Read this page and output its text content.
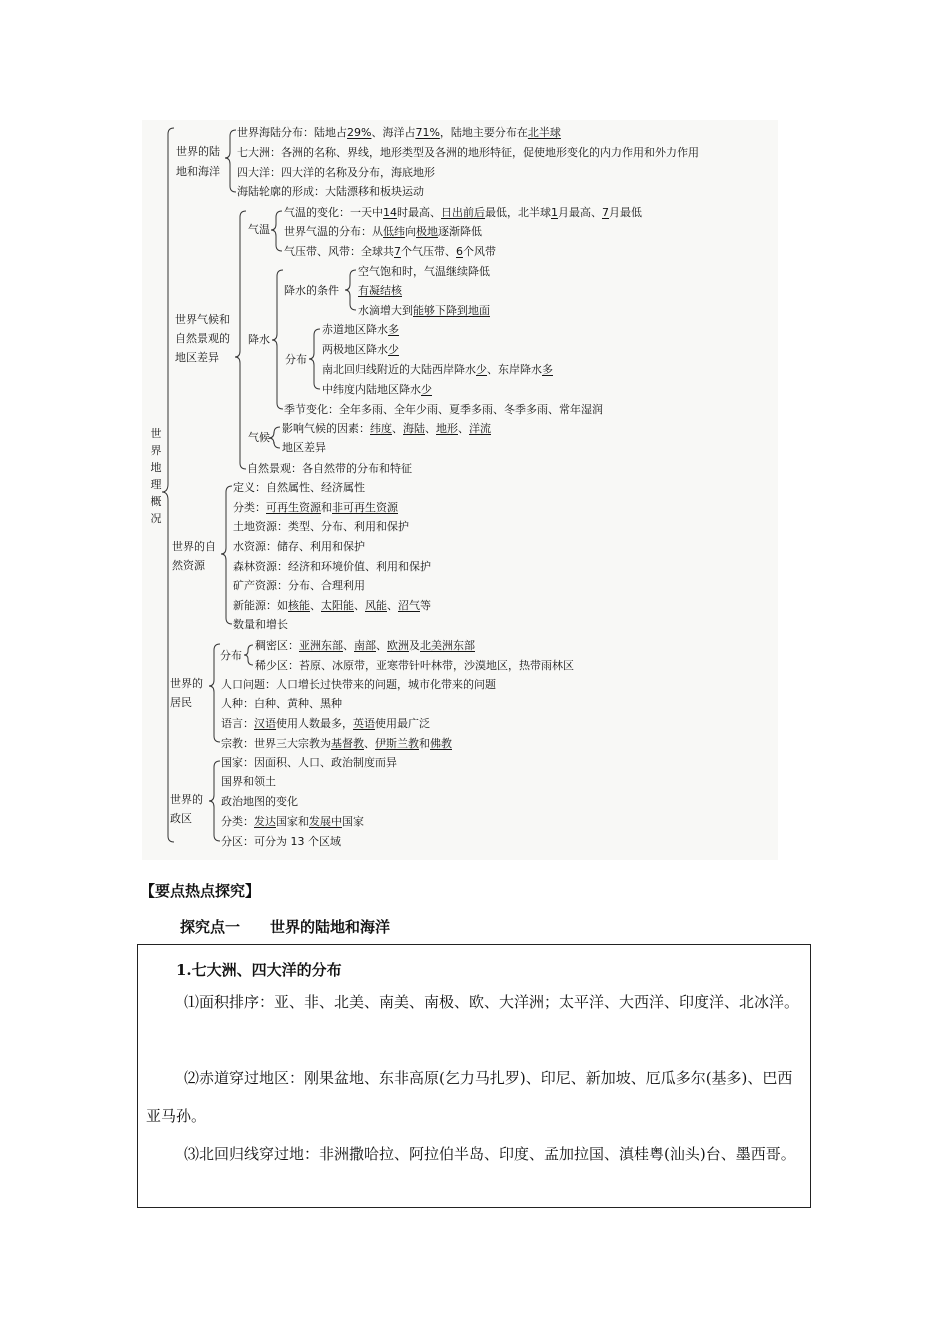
世界地理概况
世界的陆
地和海洋
世界海陆分布：陆地占29%、海洋占71%，陆地主要分布在北半球
七大洲：各洲的名称、界线，地形类型及各洲的地形特征，促使地形变化的内力作用和外力作用
四大洋：四大洋的名称及分布，海底地形
海陆轮廓的形成：大陆漂移和板块运动
世界气候和
自然景观的
地区差异
气温
气温的变化：一天中14时最高、日出前后最低，北半球1月最高、7月最低
世界气温的分布：从低纬向极地逐渐降低
气压带、风带：全球共7个气压带、6个风带
降水
降水的条件
空气饱和时，气温继续降低
有凝结核
水滴增大到能够下降到地面
分布
赤道地区降水多
两极地区降水少
南北回归线附近的大陆西岸降水少、东岸降水多
中纬度内陆地区降水少
季节变化：全年多雨、全年少雨、夏季多雨、冬季多雨、常年湿润
气候
影响气候的因素：纬度、海陆、地形、洋流
地区差异
自然景观：各自然带的分布和特征
世界的自
然资源
定义：自然属性、经济属性
分类：可再生资源和非可再生资源
土地资源：类型、分布、利用和保护
水资源：储存、利用和保护
森林资源：经济和环境价值、利用和保护
矿产资源：分布、合理利用
新能源：如核能、太阳能、风能、沼气等
数量和增长
世界的
居民
分布
稠密区：亚洲东部、南部、欧洲及北美洲东部
稀少区：苔原、冰原带，亚寒带针叶林带，沙漠地区，热带雨林区
人口问题：人口增长过快带来的问题，城市化带来的问题
人种：白种、黄种、黑种
语言：汉语使用人数最多，英语使用最广泛
宗教：世界三大宗教为基督教、伊斯兰教和佛教
世界的
政区
国家：因面积、人口、政治制度而异
国界和领土
政治地图的变化
分类：发达国家和发展中国家
分区：可分为 13 个区域
【要点热点探究】
探究点一　　世界的陆地和海洋
1.七大洲、四大洋的分布
⑴面积排序：亚、非、北美、南美、南极、欧、大洋洲；太平洋、大西洋、印度洋、北冰洋。
⑵赤道穿过地区：刚果盆地、东非高原(乞力马扎罗)、印尼、新加坡、厄瓜多尔(基多)、巴西亚马孙。
⑶北回归线穿过地：非洲撒哈拉、阿拉伯半岛、印度、孟加拉国、滇桂粤(汕头)台、墨西哥。
